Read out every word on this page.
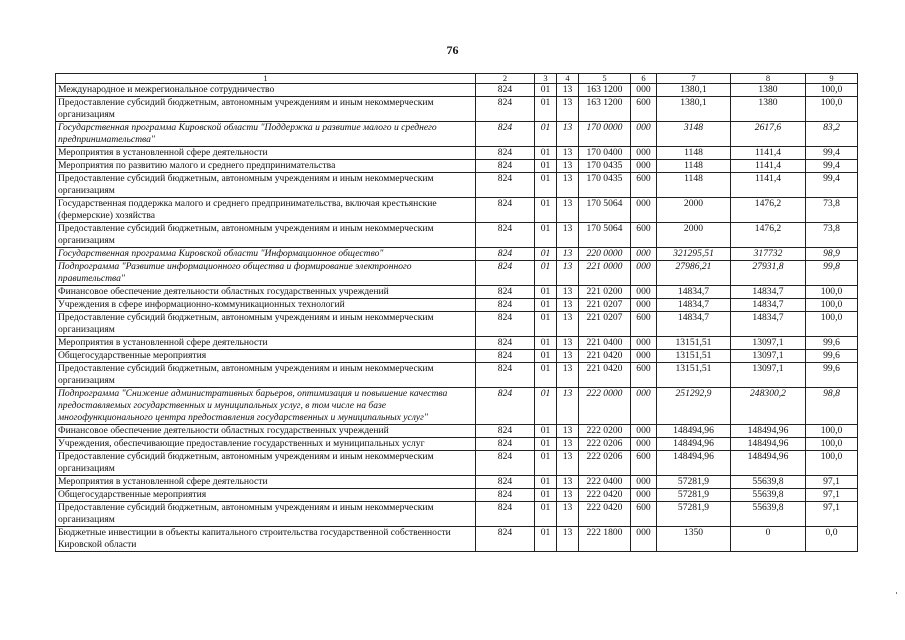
76
1	2	3	4	5	6	7	8	9
Международное и межрегиональное сотрудничество	824	01	13	163 1200	000	1380,1	1380	100,0
Предоставление субсидий бюджетным, автономным учреждениям и иным некоммерческим организациям	824	01	13	163 1200	600	1380,1	1380	100,0
Государственная программа Кировской области "Поддержка и развитие малого и среднего предпринимательства"	824	01	13	170 0000	000	3148	2617,6	83,2
Мероприятия в установленной сфере деятельности	824	01	13	170 0400	000	1148	1141,4	99,4
Мероприятия по развитию малого и среднего предпринимательства	824	01	13	170 0435	000	1148	1141,4	99,4
Предоставление субсидий бюджетным, автономным учреждениям и иным некоммерческим организациям	824	01	13	170 0435	600	1148	1141,4	99,4
Государственная поддержка малого и среднего предпринимательства, включая крестьянские (фермерские) хозяйства	824	01	13	170 5064	000	2000	1476,2	73,8
Предоставление субсидий бюджетным, автономным учреждениям и иным некоммерческим организациям	824	01	13	170 5064	600	2000	1476,2	73,8
Государственная программа Кировской области "Информационное общество"	824	01	13	220 0000	000	321295,51	317732	98,9
Подпрограмма "Развитие информационного общества и формирование электронного правительства"	824	01	13	221 0000	000	27986,21	27931,8	99,8
Финансовое обеспечение деятельности областных государственных учреждений	824	01	13	221 0200	000	14834,7	14834,7	100,0
Учреждения в сфере информационно-коммуникационных технологий	824	01	13	221 0207	000	14834,7	14834,7	100,0
Предоставление субсидий бюджетным, автономным учреждениям и иным некоммерческим организациям	824	01	13	221 0207	600	14834,7	14834,7	100,0
Мероприятия в установленной сфере деятельности	824	01	13	221 0400	000	13151,51	13097,1	99,6
Общегосударственные мероприятия	824	01	13	221 0420	000	13151,51	13097,1	99,6
Предоставление субсидий бюджетным, автономным учреждениям и иным некоммерческим организациям	824	01	13	221 0420	600	13151,51	13097,1	99,6
Подпрограмма "Снижение административных барьеров, оптимизация и повышение качества предоставляемых государственных и муниципальных услуг, в том числе на базе многофункционального центра предоставления государственных и муниципальных услуг"	824	01	13	222 0000	000	251292,9	248300,2	98,8
Финансовое обеспечение деятельности областных государственных учреждений	824	01	13	222 0200	000	148494,96	148494,96	100,0
Учреждения, обеспечивающие предоставление государственных и муниципальных услуг	824	01	13	222 0206	000	148494,96	148494,96	100,0
Предоставление субсидий бюджетным, автономным учреждениям и иным некоммерческим организациям	824	01	13	222 0206	600	148494,96	148494,96	100,0
Мероприятия в установленной сфере деятельности	824	01	13	222 0400	000	57281,9	55639,8	97,1
Общегосударственные мероприятия	824	01	13	222 0420	000	57281,9	55639,8	97,1
Предоставление субсидий бюджетным, автономным учреждениям и иным некоммерческим организациям	824	01	13	222 0420	600	57281,9	55639,8	97,1
Бюджетные инвестиции в объекты капитального строительства государственной собственности Кировской области	824	01	13	222 1800	000	1350	0	0,0
